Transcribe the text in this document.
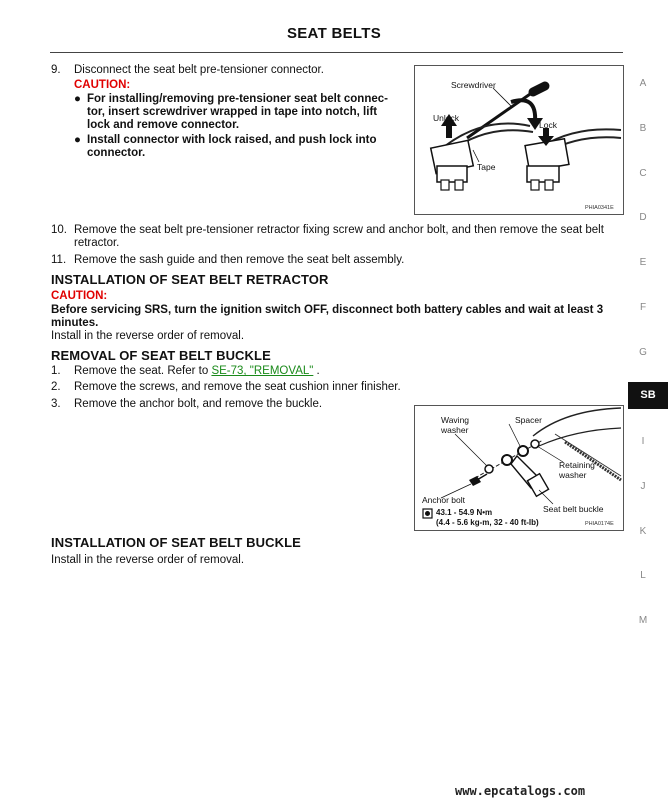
SEAT BELTS
9. Disconnect the seat belt pre-tensioner connector.
CAUTION:
● For installing/removing pre-tensioner seat belt connec-
tor, insert screwdriver wrapped in tape into notch, lift
lock and remove connector.
● Install connector with lock raised, and push lock into
connector.
Screwdriver
Unlock
Lock
Tape
PHIA0341E
10. Remove the seat belt pre-tensioner retractor fixing screw and anchor bolt, and then remove the seat belt
retractor.
11. Remove the sash guide and then remove the seat belt assembly.
INSTALLATION OF SEAT BELT RETRACTOR
CAUTION:
Before servicing SRS, turn the ignition switch OFF, disconnect both battery cables and wait at least 3
minutes.
Install in the reverse order of removal.
REMOVAL OF SEAT BELT BUCKLE
1. Remove the seat. Refer to SE-73, "REMOVAL" .
2. Remove the screws, and remove the seat cushion inner finisher.
3. Remove the anchor bolt, and remove the buckle.
Waving
washer
Spacer
Retaining
washer
Anchor bolt
Seat belt buckle
43.1 - 54.9 N•m
(4.4 - 5.6 kg-m, 32 - 40 ft-lb)	PHIA0174E
INSTALLATION OF SEAT BELT BUCKLE
Install in the reverse order of removal.
A
B
C
D
E
F
G
SB
I
J
K
L
M
www.epcatalogs.com
